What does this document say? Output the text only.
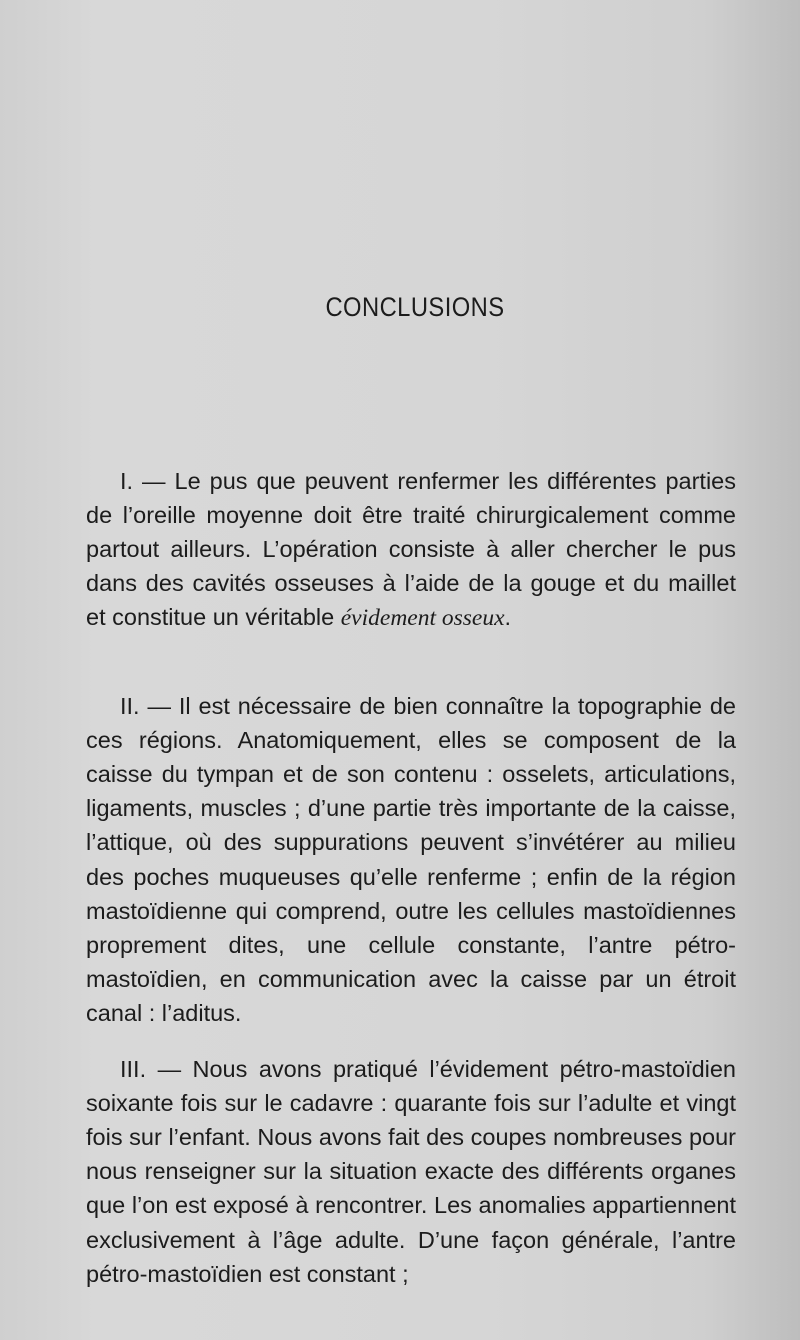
CONCLUSIONS

I. — Le pus que peuvent renfermer les différentes parties de l’oreille moyenne doit être traité chirurgicalement comme partout ailleurs. L’opération consiste à aller chercher le pus dans des cavités osseuses à l’aide de la gouge et du maillet et constitue un véritable évidement osseux.

II. — Il est nécessaire de bien connaître la topographie de ces régions. Anatomiquement, elles se composent de la caisse du tympan et de son contenu : osselets, articulations, ligaments, muscles ; d’une partie très importante de la caisse, l’attique, où des suppurations peuvent s’invétérer au milieu des poches muqueuses qu’elle renferme ; enfin de la région mastoïdienne qui comprend, outre les cellules mastoïdiennes proprement dites, une cellule constante, l’antre pétro-mastoïdien, en communication avec la caisse par un étroit canal : l’aditus.

III. — Nous avons pratiqué l’évidement pétro-mastoïdien soixante fois sur le cadavre : quarante fois sur l’adulte et vingt fois sur l’enfant. Nous avons fait des coupes nombreuses pour nous renseigner sur la situation exacte des différents organes que l’on est exposé à rencontrer. Les anomalies appartiennent exclusivement à l’âge adulte. D’une façon générale, l’antre pétro-mastoïdien est constant ;
